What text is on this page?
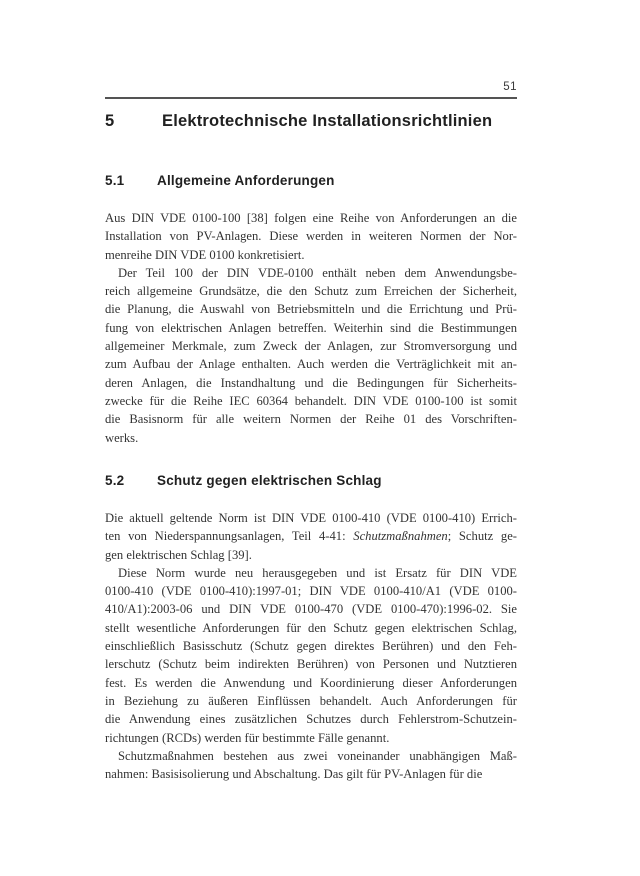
51
5	Elektrotechnische Installationsrichtlinien
5.1 Allgemeine Anforderungen
Aus DIN VDE 0100-100 [38] folgen eine Reihe von Anforderungen an die
Installation von PV-Anlagen. Diese werden in weiteren Normen der Nor-
menreihe DIN VDE 0100 konkretisiert.
Der Teil 100 der DIN VDE-0100 enthält neben dem Anwendungsbe-
reich allgemeine Grundsätze, die den Schutz zum Erreichen der Sicherheit,
die Planung, die Auswahl von Betriebsmitteln und die Errichtung und Prü-
fung von elektrischen Anlagen betreffen. Weiterhin sind die Bestimmungen
allgemeiner Merkmale, zum Zweck der Anlagen, zur Stromversorgung und
zum Aufbau der Anlage enthalten. Auch werden die Verträglichkeit mit an-
deren Anlagen, die Instandhaltung und die Bedingungen für Sicherheits-
zwecke für die Reihe IEC 60364 behandelt. DIN VDE 0100-100 ist somit
die Basisnorm für alle weitern Normen der Reihe 01 des Vorschriften-
werks.
5.2 Schutz gegen elektrischen Schlag
Die aktuell geltende Norm ist DIN VDE 0100-410 (VDE 0100-410) Errich-
ten von Niederspannungsanlagen, Teil 4-41: Schutzmaßnahmen; Schutz ge-
gen elektrischen Schlag [39].
Diese Norm wurde neu herausgegeben und ist Ersatz für DIN VDE
0100-410 (VDE 0100-410):1997-01; DIN VDE 0100-410/A1 (VDE 0100-
410/A1):2003-06 und DIN VDE 0100-470 (VDE 0100-470):1996-02. Sie
stellt wesentliche Anforderungen für den Schutz gegen elektrischen Schlag,
einschließlich Basisschutz (Schutz gegen direktes Berühren) und den Feh-
lerschutz (Schutz beim indirekten Berühren) von Personen und Nutztieren
fest. Es werden die Anwendung und Koordinierung dieser Anforderungen
in Beziehung zu äußeren Einflüssen behandelt. Auch Anforderungen für
die Anwendung eines zusätzlichen Schutzes durch Fehlerstrom-Schutzein-
richtungen (RCDs) werden für bestimmte Fälle genannt.
Schutzmaßnahmen bestehen aus zwei voneinander unabhängigen Maß-
nahmen: Basisisolierung und Abschaltung. Das gilt für PV-Anlagen für die
